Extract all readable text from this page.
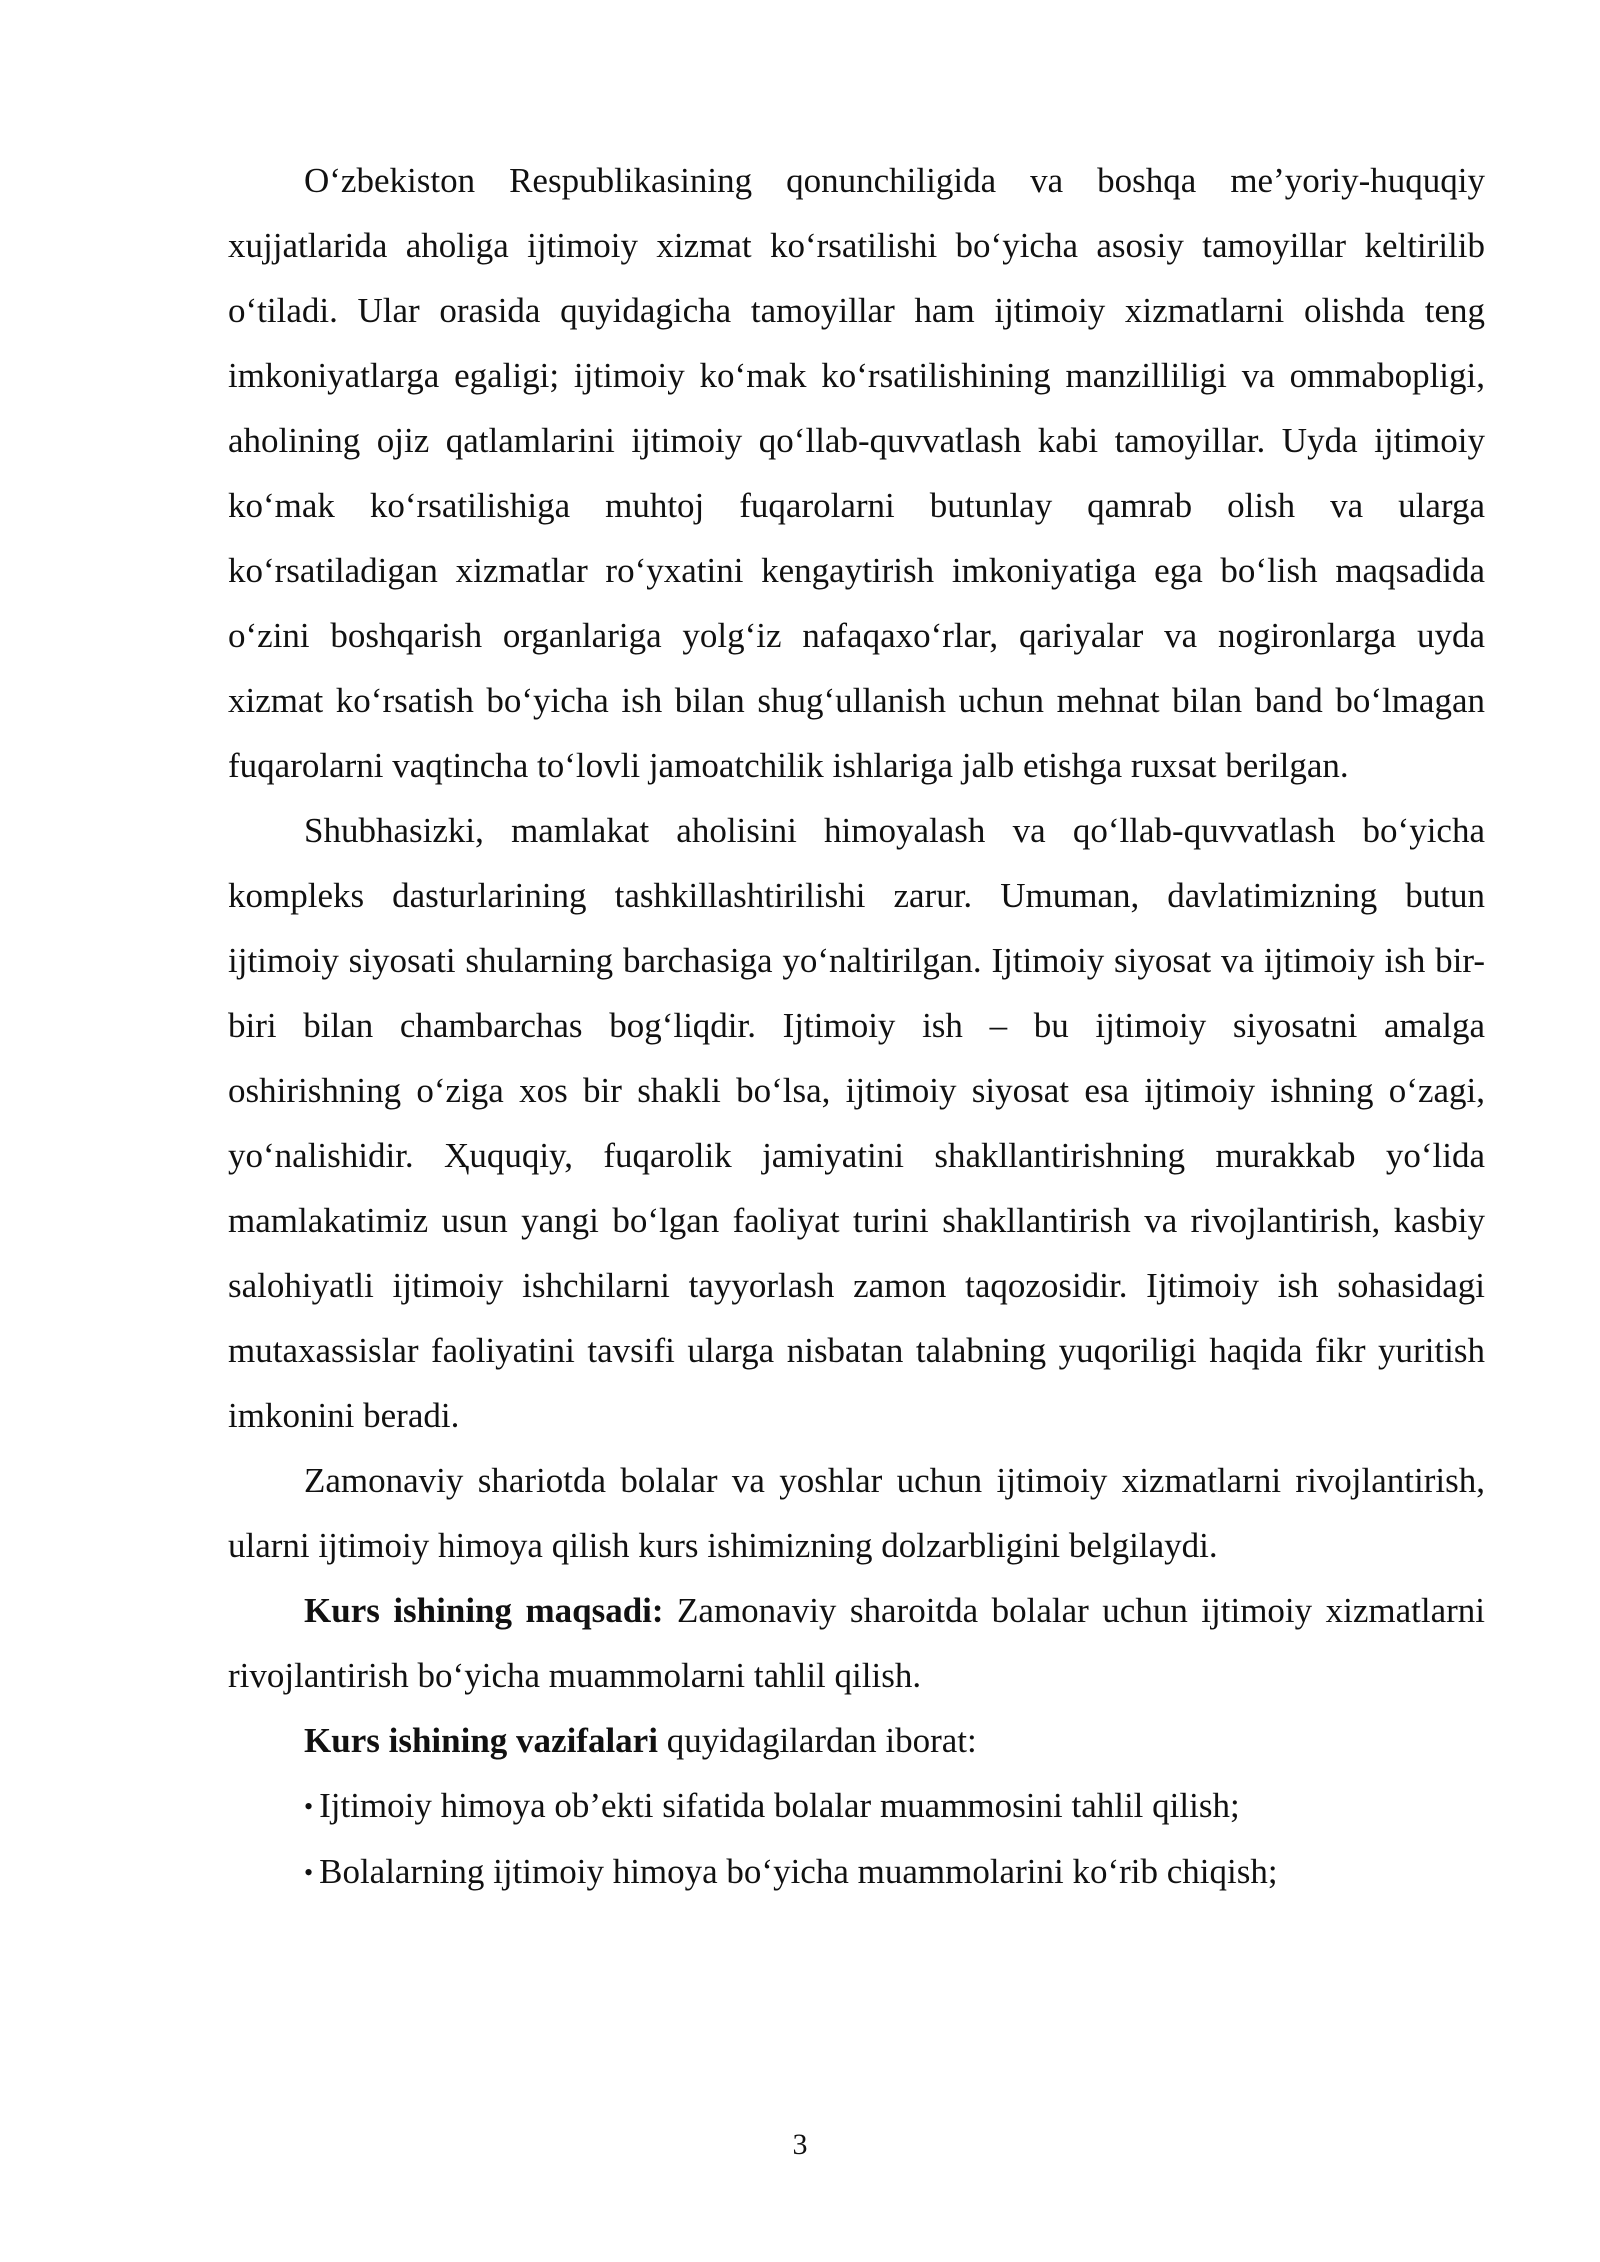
O‘zbekiston Respublikasining qonunchiligida va boshqa me’yoriy-huquqiy xujjatlarida aholiga ijtimoiy xizmat ko‘rsatilishi bo‘yicha asosiy tamoyillar keltirilib o‘tiladi. Ular orasida quyidagicha tamoyillar ham ijtimoiy xizmatlarni olishda teng imkoniyatlarga egaligi; ijtimoiy ko‘mak ko‘rsatilishining manzilliligi va ommabopligi, aholining ojiz qatlamlarini ijtimoiy qo‘llab-quvvatlash kabi tamoyillar. Uyda ijtimoiy ko‘mak ko‘rsatilishiga muhtoj fuqarolarni butunlay qamrab olish va ularga ko‘rsatiladigan xizmatlar ro‘yxatini kengaytirish imkoniyatiga ega bo‘lish maqsadida o‘zini boshqarish organlariga yolg‘iz nafaqaxo‘rlar, qariyalar va nogironlarga uyda xizmat ko‘rsatish bo‘yicha ish bilan shug‘ullanish uchun mehnat bilan band bo‘lmagan fuqarolarni vaqtincha to‘lovli jamoatchilik ishlariga jalb etishga ruxsat berilgan.

Shubhasizki, mamlakat aholisini himoyalash va qo‘llab-quvvatlash bo‘yicha kompleks dasturlarining tashkillashtirilishi zarur. Umuman, davlatimizning butun ijtimoiy siyosati shularning barchasiga yo‘naltirilgan. Ijtimoiy siyosat va ijtimoiy ish bir-biri bilan chambarchas bog‘liqdir. Ijtimoiy ish – bu ijtimoiy siyosatni amalga oshirishning o‘ziga xos bir shakli bo‘lsa, ijtimoiy siyosat esa ijtimoiy ishning o‘zagi, yo‘nalishidir. Ҳuquqiy, fuqarolik jamiyatini shakllantirishning murakkab yo‘lida mamlakatimiz usun yangi bo‘lgan faoliyat turini shakllantirish va rivojlantirish, kasbiy salohiyatli ijtimoiy ishchilarni tayyorlash zamon taqozosidir. Ijtimoiy ish sohasidagi mutaxassislar faoliyatini tavsifi ularga nisbatan talabning yuqoriligi haqida fikr yuritish imkonini beradi.

Zamonaviy shariotda bolalar va yoshlar uchun ijtimoiy xizmatlarni rivojlantirish, ularni ijtimoiy himoya qilish kurs ishimizning dolzarbligini belgilaydi.

Kurs ishining maqsadi: Zamonaviy sharoitda bolalar uchun ijtimoiy xizmatlarni rivojlantirish bo‘yicha muammolarni tahlil qilish.

Kurs ishining vazifalari quyidagilardan iborat:

• Ijtimoiy himoya ob’ekti sifatida bolalar muammosini tahlil qilish;

• Bolalarning ijtimoiy himoya bo‘yicha muammolarini ko‘rib chiqish;

3
